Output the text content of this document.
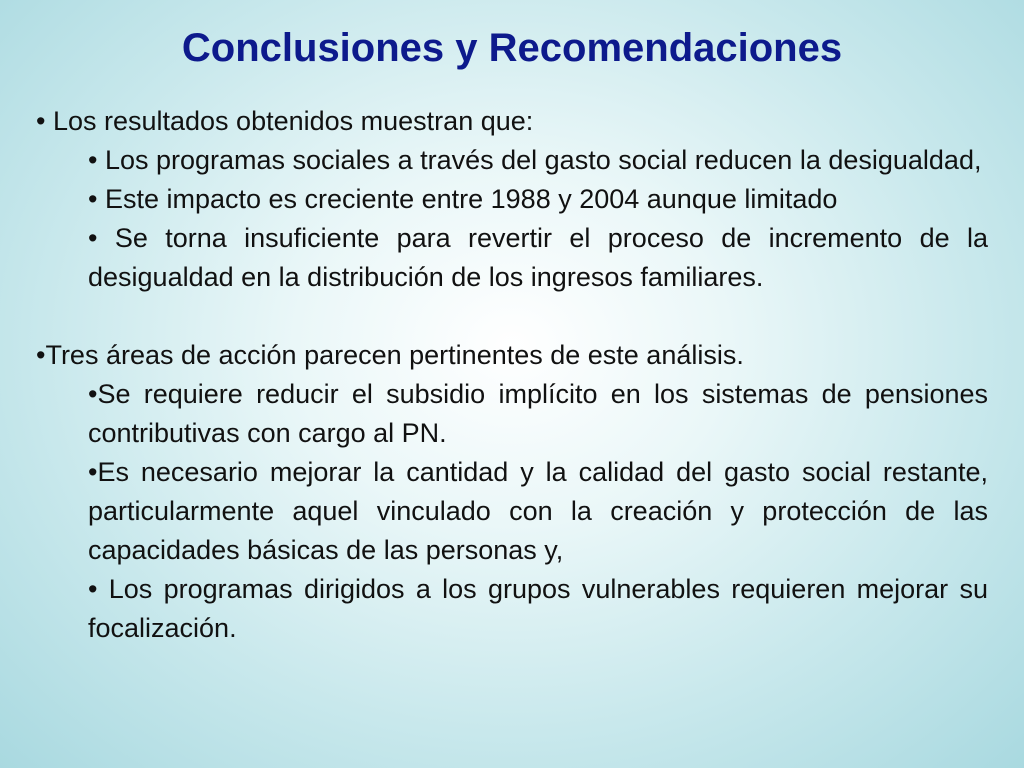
Conclusiones y Recomendaciones

• Los resultados obtenidos muestran que:

• Los programas sociales a través del gasto social reducen la desigualdad,

• Este impacto es creciente entre 1988 y 2004 aunque limitado

• Se torna insuficiente para revertir el proceso de incremento de la desigualdad en la distribución de los ingresos familiares.

•Tres áreas de acción parecen pertinentes de este análisis.

•Se requiere reducir el subsidio implícito en los sistemas de pensiones contributivas con cargo al PN.

•Es necesario mejorar la cantidad y la calidad del gasto social restante, particularmente aquel vinculado con la creación y protección de las capacidades básicas de las personas y,

• Los programas dirigidos a los grupos vulnerables requieren mejorar su focalización.
